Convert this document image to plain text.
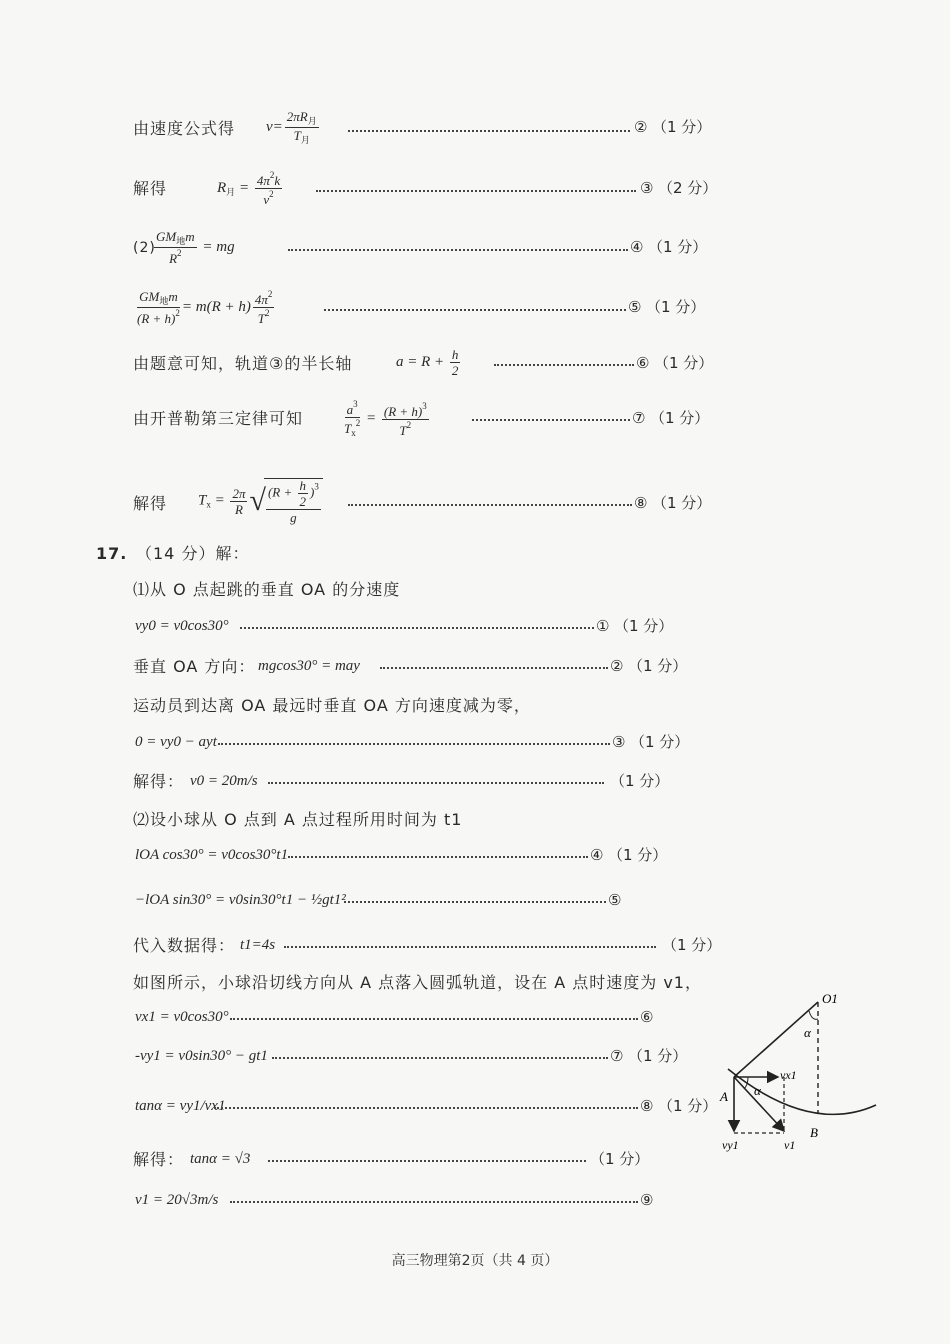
由速度公式得 $v= \frac{2\pi R_月}{T_月}$	② （1 分）
解得	$R_月 = \frac{4\pi^2k}{v^2}$	③ （2 分）
(2)
$\frac{GM_地m}{R^2}$ = mg	④ （1 分）
$\frac{GM_地m}{(R + h)^2} = m(R + h) \frac{4\pi^2}{T^2}$	⑤ （1 分）
由题意可知，轨道③的半长轴	$a = R + \frac{h}{2}$	⑥ （1 分）
由开普勒第三定律可知	$\frac{a^3}{T_x^2} = \frac{(R + h)^3}{T^2}$	⑦ （1 分）
解得 $T_x = \frac{2\pi}{R}$ √
$\frac{(R + \frac{h}{2} )^3}{g}$	⑧ （1 分）
17. （14 分）解：
⑴从 O 点起跳的垂直 OA 的分速度
vy0 = v0cos30°	① （1 分）
垂直 OA 方向： mgcos30° = may	② （1 分）
运动员到达离 OA 最远时垂直 OA 方向速度减为零，
0 = vy0 − ayt	③ （1 分）
解得： v0 = 20m/s	（1 分）
⑵设小球从 O 点到 A 点过程所用时间为 t1
lOA cos30° = v0cos30°t1	④ （1 分）
−lOA sin30° = v0sin30°t1 − ½gt1²	⑤
代入数据得： t1=4s	（1 分）
如图所示，小球沿切线方向从 A 点落入圆弧轨道，设在 A 点时速度为 v1，
vx1 = v0cos30°	⑥
-vy1 = v0sin30° − gt1	⑦ （1 分）
tanα = vy1/vx1	⑧ （1 分）
解得： tanα = √3	（1 分）
v1 = 20√3m/s	⑨
O1
α
vx1
α
A
B
vy1	v1
高三物理第2页（共 4 页）
